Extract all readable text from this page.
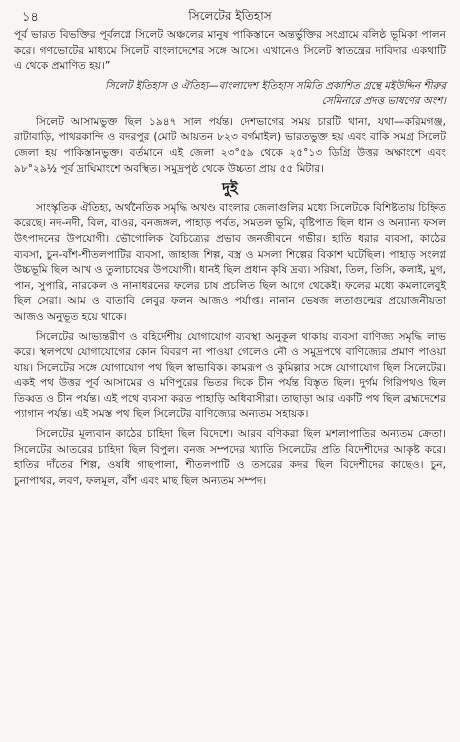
১৪	সিলেটের ইতিহাস

পূর্ব ভারত বিভক্তির পূর্বলগ্নে সিলেট অঞ্চলের মানুষ পাকিস্তানে অন্তর্ভুক্তির সংগ্রামে বলিষ্ঠ ভূমিকা পালন করে। গণভোটের মাধ্যমে সিলেট বাংলাদেশের সঙ্গে আসে। এখানেও সিলেট স্বাতন্ত্রের দাবিদার একথাটি এ থেকে প্রমাণিত হয়।”

সিলেট ইতিহাস ও ঐতিহ্য—বাংলাদেশ ইতিহাস সমিতি প্রকাশিত গ্রন্থে মইউদ্দিন শীরুর
সেমিনারে প্রদত্ত ভাষণের অংশ।

সিলেট আসামভুক্ত ছিল ১৯৪৭ সাল পর্যন্ত। দেশভাগের সময় চারটি থানা, যথা—করিমগঞ্জ, রাটাবাড়ি, পাথরকান্দি ও বদরপুর (মোট আয়তন ৮২৩ বর্গমাইল) ভারতভুক্ত হয় এবং বাকি সমগ্র সিলেট জেলা হয় পাকিস্তানভুক্ত। বর্তমানে এই জেলা ২৩°৫৯ থেকে ২৫°১৩ ডিগ্রি উত্তর অক্ষাংশে এবং ৯৮°২৯½ পূর্ব দ্রাঘিমাংশে অবস্থিত। সমুদ্রপৃষ্ঠ থেকে উচ্চতা প্রায় ৫৫ মিটার।

দুই

সাংস্কৃতিক ঐতিহ্য, অর্থনৈতিক সমৃদ্ধি অখণ্ড বাংলার জেলাগুলির মধ্যে সিলেটকে বিশিষ্টতায় চিহ্নিত করেছে। নদ-নদী, বিল, বাওর, বনজঙ্গল, পাহাড় পর্বত, সমতল ভূমি, বৃষ্টিপাত ছিল ধান ও অন্যান্য ফসল উৎপাদনের উপযোগী। ভৌগোলিক বৈচিত্র্যের প্রভাব জনজীবনে গভীর। হাতি ধরার ব্যবসা, কাঠের ব্যবসা, চুন-বাঁশ-শীতলপাটির ব্যবসা, জাহাজ শিল্প, বস্ত্র ও মসলা শিল্পের বিকাশ ঘটেছিল। পাহাড় সংলগ্ন উচ্চভূমি ছিল আখ ও তুলাচাষের উপযোগী। ধানই ছিল প্রধান কৃষি দ্রব্য। সরিষা, তিল, তিসি, কলাই, মুগ, পান, সুপারি, নারকেল ও নানাধরনের ফলের চাষ প্রচলিত ছিল আগে থেকেই। ফলের মধ্যে কমলালেবুই ছিল সেরা। আম ও বাতাবি লেবুর ফলন আজও পর্যাপ্ত। নানান ভেষজ লতাগুল্মের প্রয়োজনীয়তা আজও অনুভূত হয়ে থাকে।

সিলেটের আভ্যন্তরীণ ও বহির্দেশীয় যোগাযোগ ব্যবস্থা অনুকূল থাকায় ব্যবসা বাণিজ্য সমৃদ্ধি লাভ করে। স্থলপথে যোগাযোগের কোন বিবরণ না পাওয়া গেলেও নৌ ও সমুদ্রপথে বাণিজ্যের প্রমাণ পাওয়া যায়। সিলেটের সঙ্গে যোগাযোগ পথ ছিল স্বাভাবিক। কামরূপ ও কুমিল্লার সঙ্গে যোগাযোগ ছিল সিলেটের। একই পথ উত্তর পূর্ব আসামের ও মণিপুরের ভিতর দিকে চীন পর্যন্ত বিস্তৃত ছিল। দুর্গম গিরিপথও ছিল তিব্বত ও চীন পর্যন্ত। এই পথে ব্যবসা করত পাহাড়ি অধিবাসীরা। তাছাড়া আর একটি পথ ছিল ব্রহ্মদেশের প্যাগান পর্যন্ত। এই সমস্ত পথ ছিল সিলেটের বাণিজ্যের অন্যতম সহায়ক।

সিলেটের মূল্যবান কাঠের চাহিদা ছিল বিদেশে। আরব বণিকরা ছিল মশলাপাতির অন্যতম ক্রেতা। সিলেটের আতরের চাহিদা ছিল বিপুল। বনজ সম্পদের খ্যাতি সিলেটের প্রতি বিদেশীদের আকৃষ্ট করে। হাতির দাঁতের শিল্প, ওষধি গাছপালা, শীতলপাটি ও তসরের কদর ছিল বিদেশীদের কাছেও। চুন, চুনাপাথর, লবণ, ফলমূল, বাঁশ এবং মাছ ছিল অন্যতম সম্পদ।
